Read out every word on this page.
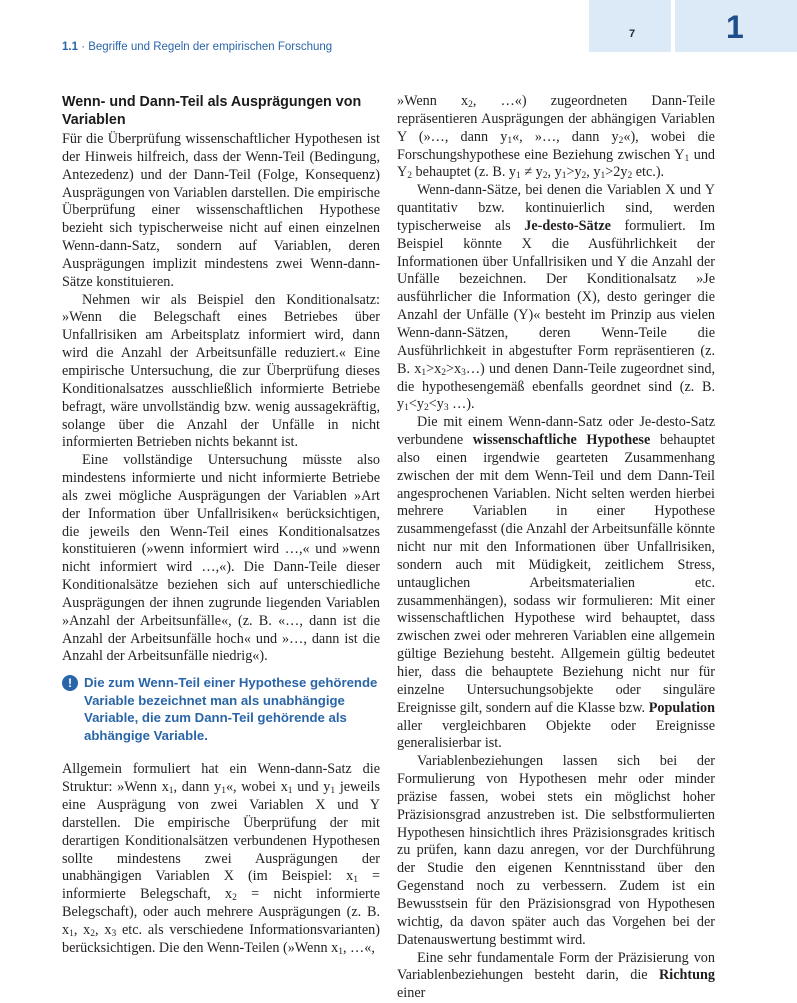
7	1
1.1 · Begriffe und Regeln der empirischen Forschung
Wenn- und Dann-Teil als Ausprägungen von Variablen

Für die Überprüfung wissenschaftlicher Hypothesen ist der Hinweis hilfreich, dass der Wenn-Teil (Bedingung, Antezedenz) und der Dann-Teil (Folge, Konsequenz) Ausprägungen von Variablen darstellen. Die empirische Überprüfung einer wissenschaftlichen Hypothese bezieht sich typischerweise nicht auf einen einzelnen Wenn-dann-Satz, sondern auf Variablen, deren Ausprägungen implizit mindestens zwei Wenn-dann-Sätze konstituieren.

Nehmen wir als Beispiel den Konditionalsatz: »Wenn die Belegschaft eines Betriebes über Unfallrisiken am Arbeitsplatz informiert wird, dann wird die Anzahl der Arbeitsunfälle reduziert.« Eine empirische Untersuchung, die zur Überprüfung dieses Konditionalsatzes ausschließlich informierte Betriebe befragt, wäre unvollständig bzw. wenig aussagekräftig, solange über die Anzahl der Unfälle in nicht informierten Betrieben nichts bekannt ist.

Eine vollständige Untersuchung müsste also mindestens informierte und nicht informierte Betriebe als zwei mögliche Ausprägungen der Variablen »Art der Information über Unfallrisiken« berücksichtigen, die jeweils den Wenn-Teil eines Konditionalsatzes konstituieren (»wenn informiert wird …,« und »wenn nicht informiert wird …,«). Die Dann-Teile dieser Konditionalsätze beziehen sich auf unterschiedliche Ausprägungen der ihnen zugrunde liegenden Variablen »Anzahl der Arbeitsunfälle«, (z. B. «…, dann ist die Anzahl der Arbeitsunfälle hoch« und »…, dann ist die Anzahl der Arbeitsunfälle niedrig«).

! Die zum Wenn-Teil einer Hypothese gehörende Variable bezeichnet man als unabhängige Variable, die zum Dann-Teil gehörende als abhängige Variable.

Allgemein formuliert hat ein Wenn-dann-Satz die Struktur: »Wenn $x_1$, dann $y_1«$, wobei $x_1$ und $y_1$ jeweils eine Ausprägung von zwei Variablen X und Y darstellen. Die empirische Überprüfung der mit derartigen Konditionalsätzen verbundenen Hypothesen sollte mindestens zwei Ausprägungen der unabhängigen Variablen X (im Beispiel: $x_1$ = informierte Belegschaft, $x_2$ = nicht informierte Belegschaft), oder auch mehrere Ausprägungen (z. B. $x_1$, $x_2$, $x_3$ etc. als verschiedene Informationsvarianten) berücksichtigen. Die den Wenn-Teilen (»Wenn $x_1$, …«,

»Wenn $x_2$, …«) zugeordneten Dann-Teile repräsentieren Ausprägungen der abhängigen Variablen Y (»…, dann $y_1«$, »…, dann $y_2«$), wobei die Forschungshypothese eine Beziehung zwischen $Y_1$ und $Y_2$ behauptet (z. B. $y_1 \ne y_2$, $y_1>y_2$, $y_1>2y_2$ etc.).

Wenn-dann-Sätze, bei denen die Variablen X und Y quantitativ bzw. kontinuierlich sind, werden typischerweise als Je-desto-Sätze formuliert. Im Beispiel könnte X die Ausführlichkeit der Informationen über Unfallrisiken und Y die Anzahl der Unfälle bezeichnen. Der Konditionalsatz »Je ausführlicher die Information (X), desto geringer die Anzahl der Unfälle (Y)« besteht im Prinzip aus vielen Wenn-dann-Sätzen, deren Wenn-Teile die Ausführlichkeit in abgestufter Form repräsentieren (z. B. $x_1>x_2>x_3\dots$) und denen Dann-Teile zugeordnet sind, die hypothesengemäß ebenfalls geordnet sind (z. B. $y_1<y_2<y_3$ …).

Die mit einem Wenn-dann-Satz oder Je-desto-Satz verbundene wissenschaftliche Hypothese behauptet also einen irgendwie gearteten Zusammenhang zwischen der mit dem Wenn-Teil und dem Dann-Teil angesprochenen Variablen. Nicht selten werden hierbei mehrere Variablen in einer Hypothese zusammengefasst (die Anzahl der Arbeitsunfälle könnte nicht nur mit den Informationen über Unfallrisiken, sondern auch mit Müdigkeit, zeitlichem Stress, untauglichen Arbeitsmaterialien etc. zusammenhängen), sodass wir formulieren: Mit einer wissenschaftlichen Hypothese wird behauptet, dass zwischen zwei oder mehreren Variablen eine allgemein gültige Beziehung besteht. Allgemein gültig bedeutet hier, dass die behauptete Beziehung nicht nur für einzelne Untersuchungsobjekte oder singuläre Ereignisse gilt, sondern auf die Klasse bzw. Population aller vergleichbaren Objekte oder Ereignisse generalisierbar ist.

Variablenbeziehungen lassen sich bei der Formulierung von Hypothesen mehr oder minder präzise fassen, wobei stets ein möglichst hoher Präzisionsgrad anzustreben ist. Die selbstformulierten Hypothesen hinsichtlich ihres Präzisionsgrades kritisch zu prüfen, kann dazu anregen, vor der Durchführung der Studie den eigenen Kenntnisstand über den Gegenstand noch zu verbessern. Zudem ist ein Bewusstsein für den Präzisionsgrad von Hypothesen wichtig, da davon später auch das Vorgehen bei der Datenauswertung bestimmt wird.

Eine sehr fundamentale Form der Präzisierung von Variablenbeziehungen besteht darin, die Richtung einer
